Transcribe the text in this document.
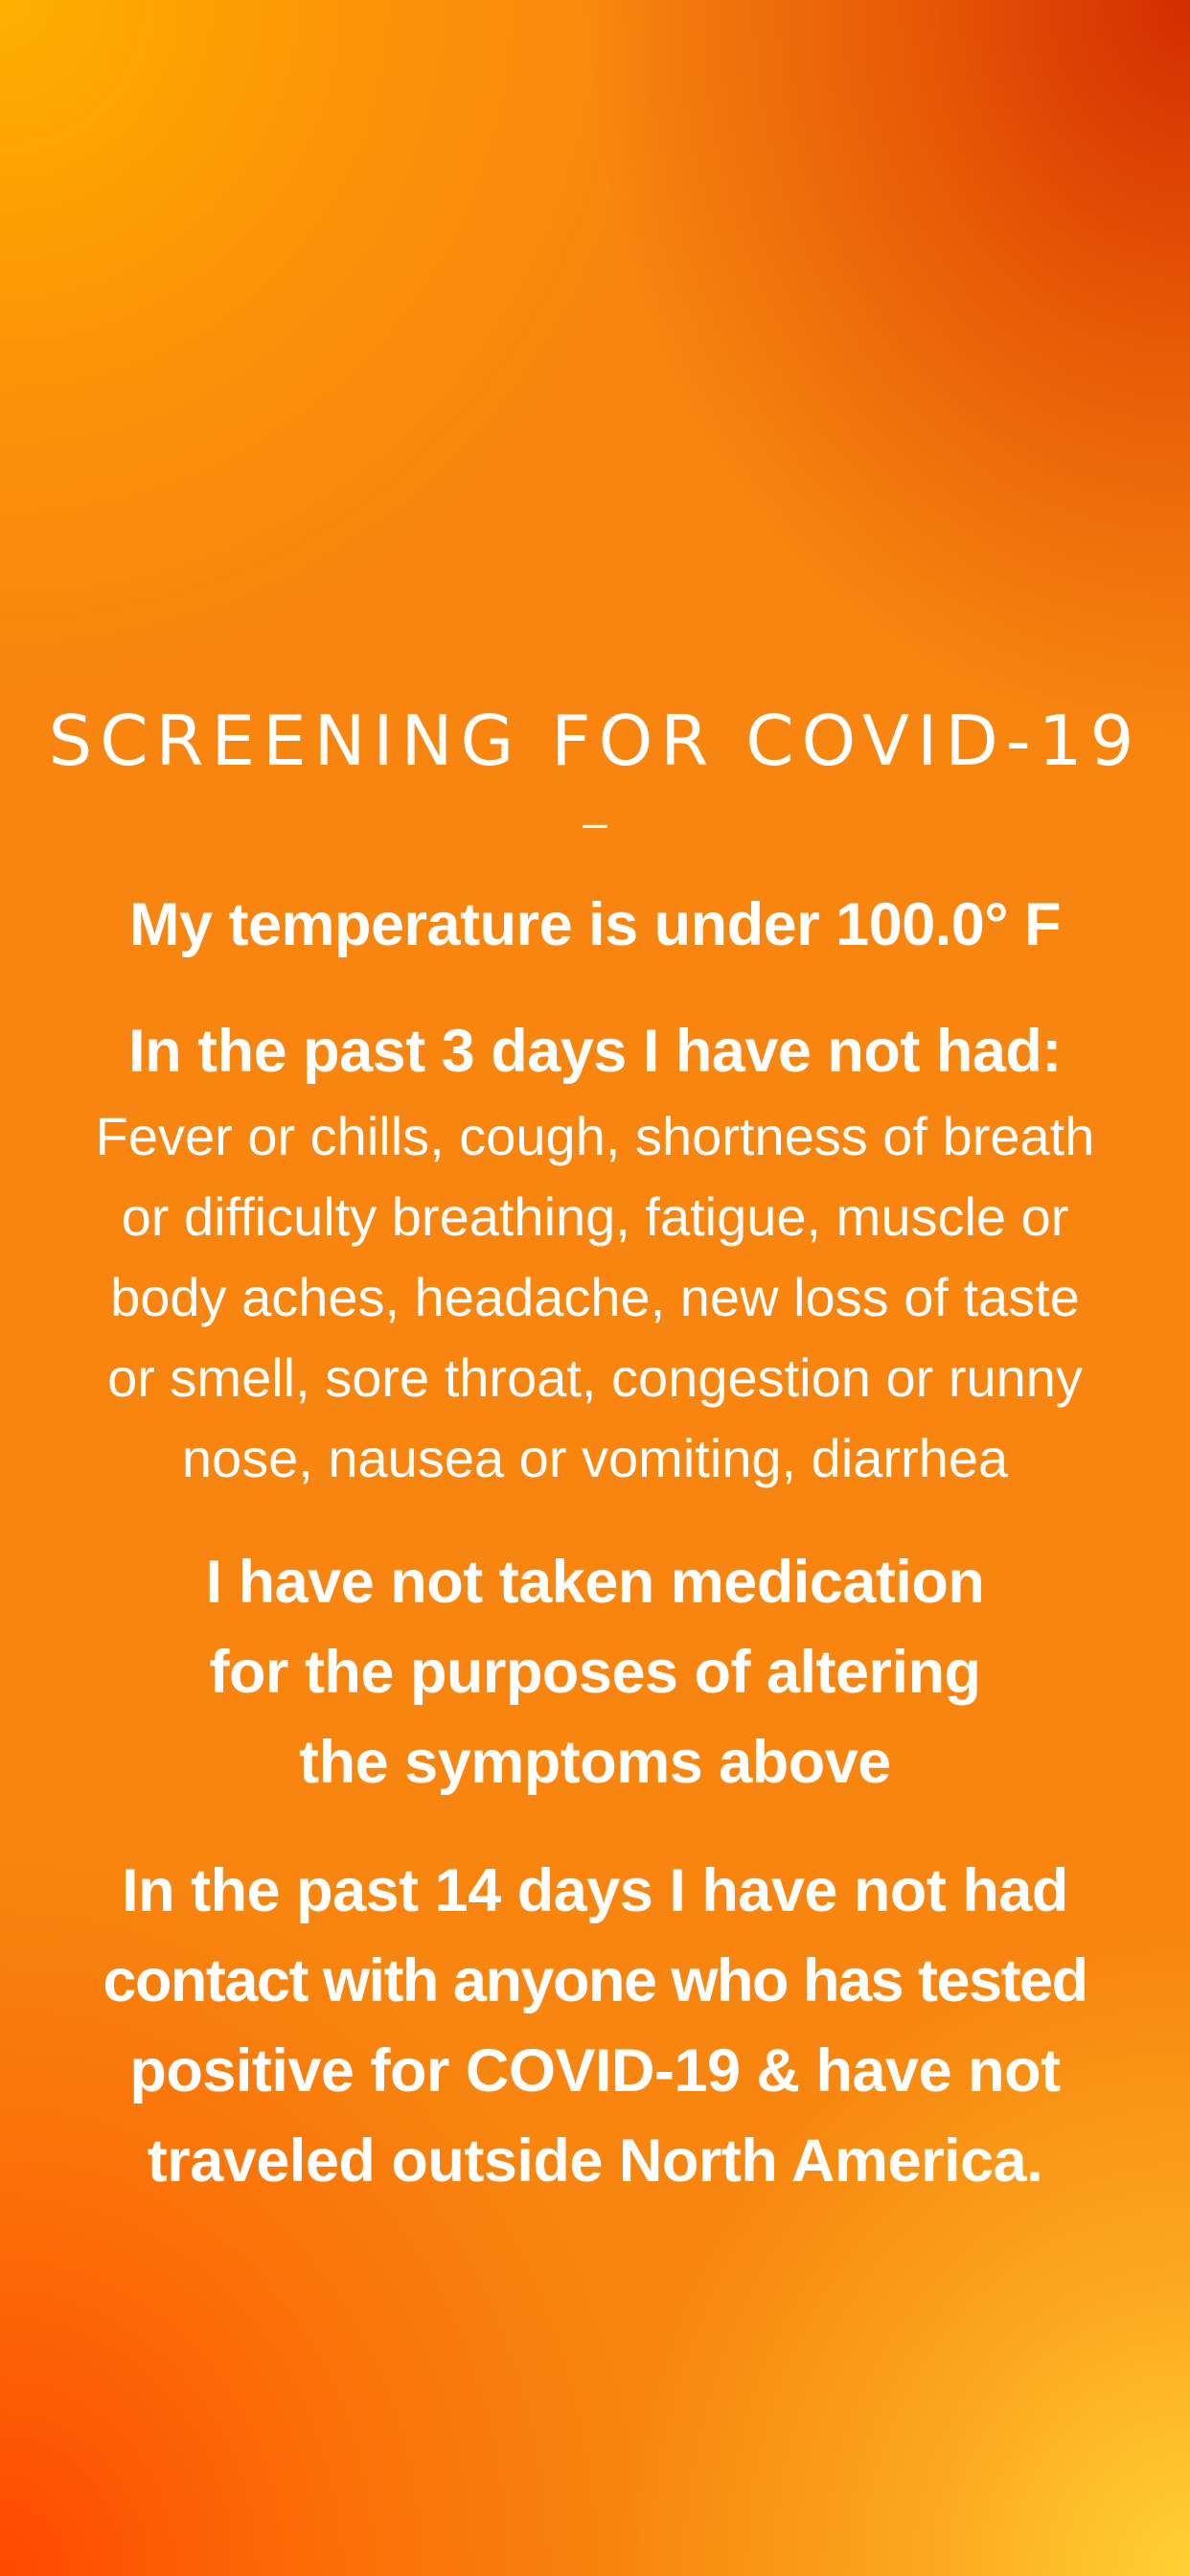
SCREENING FOR COVID-19

–

My temperature is under 100.0° F

In the past 3 days I have not had:

Fever or chills, cough, shortness of breath

or difficulty breathing, fatigue, muscle or

body aches, headache, new loss of taste

or smell, sore throat, congestion or runny

nose, nausea or vomiting, diarrhea

I have not taken medication

for the purposes of altering

the symptoms above

In the past 14 days I have not had

contact with anyone who has tested

positive for COVID-19 & have not

traveled outside North America.
